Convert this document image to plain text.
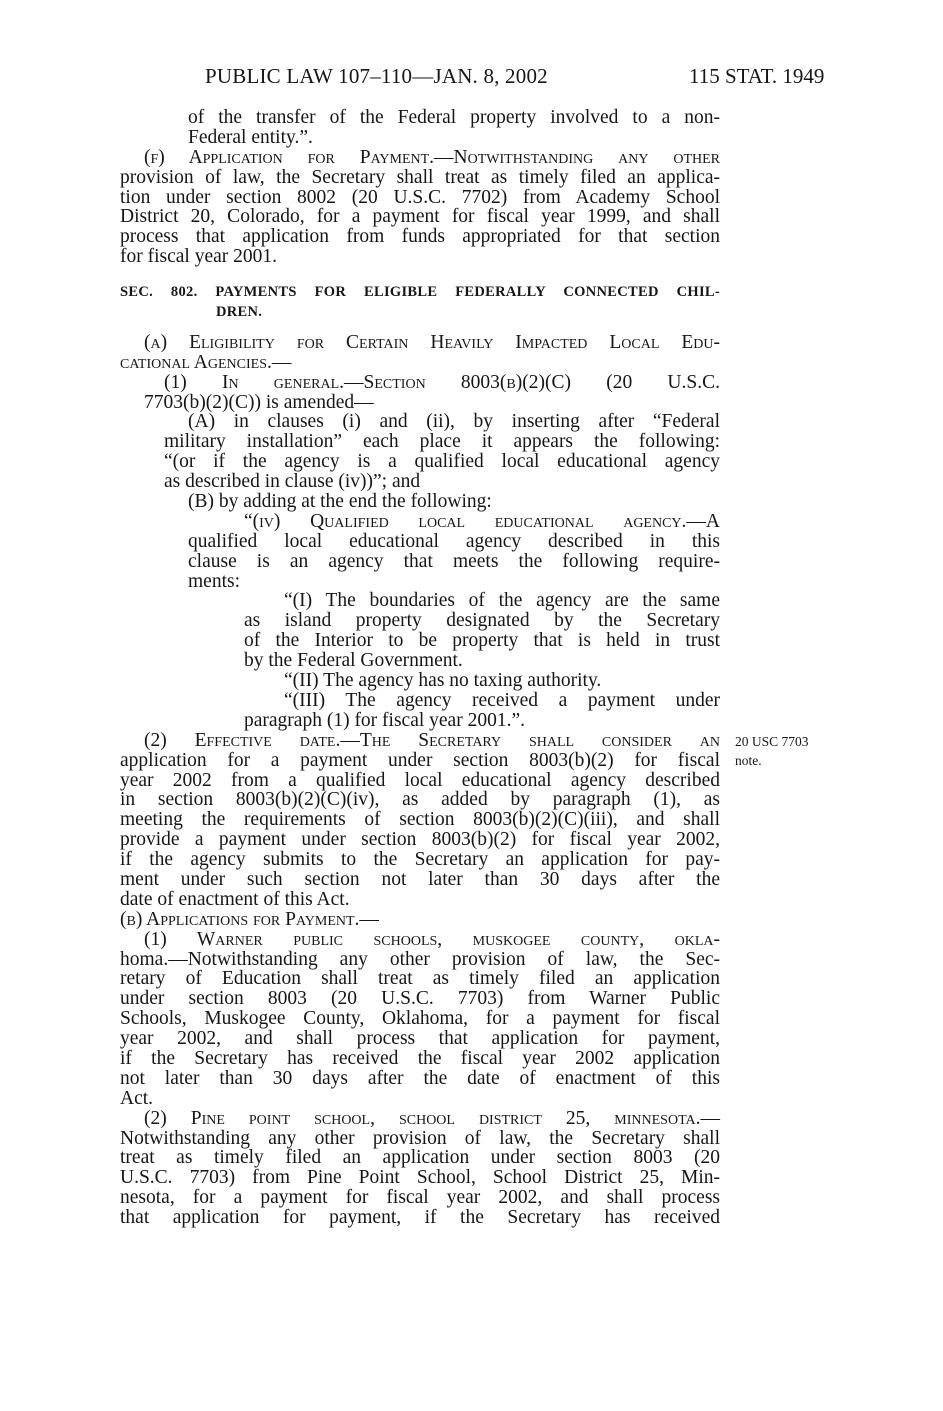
PUBLIC LAW 107–110—JAN. 8, 2002	115 STAT. 1949
of the transfer of the Federal property involved to a non-
Federal entity.”.
(f) Application for Payment.—Notwithstanding any other
provision of law, the Secretary shall treat as timely filed an applica-
tion under section 8002 (20 U.S.C. 7702) from Academy School
District 20, Colorado, for a payment for fiscal year 1999, and shall
process that application from funds appropriated for that section
for fiscal year 2001.
SEC. 802. PAYMENTS FOR ELIGIBLE FEDERALLY CONNECTED CHIL-
DREN.
(a) Eligibility for Certain Heavily Impacted Local Edu-
cational Agencies.—
(1) In general.—Section 8003(b)(2)(C) (20 U.S.C.
7703(b)(2)(C)) is amended—
(A) in clauses (i) and (ii), by inserting after “Federal
military installation” each place it appears the following:
“(or if the agency is a qualified local educational agency
as described in clause (iv))”; and
(B) by adding at the end the following:
“(iv) Qualified local educational agency.—A
qualified local educational agency described in this
clause is an agency that meets the following require-
ments:
“(I) The boundaries of the agency are the same
as island property designated by the Secretary
of the Interior to be property that is held in trust
by the Federal Government.
“(II) The agency has no taxing authority.
“(III) The agency received a payment under
paragraph (1) for fiscal year 2001.”.
(2) Effective date.—The Secretary shall consider an
application for a payment under section 8003(b)(2) for fiscal
year 2002 from a qualified local educational agency described
in section 8003(b)(2)(C)(iv), as added by paragraph (1), as
meeting the requirements of section 8003(b)(2)(C)(iii), and shall
provide a payment under section 8003(b)(2) for fiscal year 2002,
if the agency submits to the Secretary an application for pay-
ment under such section not later than 30 days after the
date of enactment of this Act.
(b) Applications for Payment.—
(1) Warner public schools, muskogee county, okla-
homa.—Notwithstanding any other provision of law, the Sec-
retary of Education shall treat as timely filed an application
under section 8003 (20 U.S.C. 7703) from Warner Public
Schools, Muskogee County, Oklahoma, for a payment for fiscal
year 2002, and shall process that application for payment,
if the Secretary has received the fiscal year 2002 application
not later than 30 days after the date of enactment of this
Act.
(2) Pine point school, school district 25, minnesota.—
Notwithstanding any other provision of law, the Secretary shall
treat as timely filed an application under section 8003 (20
U.S.C. 7703) from Pine Point School, School District 25, Min-
nesota, for a payment for fiscal year 2002, and shall process
that application for payment, if the Secretary has received
20 USC 7703
note.
